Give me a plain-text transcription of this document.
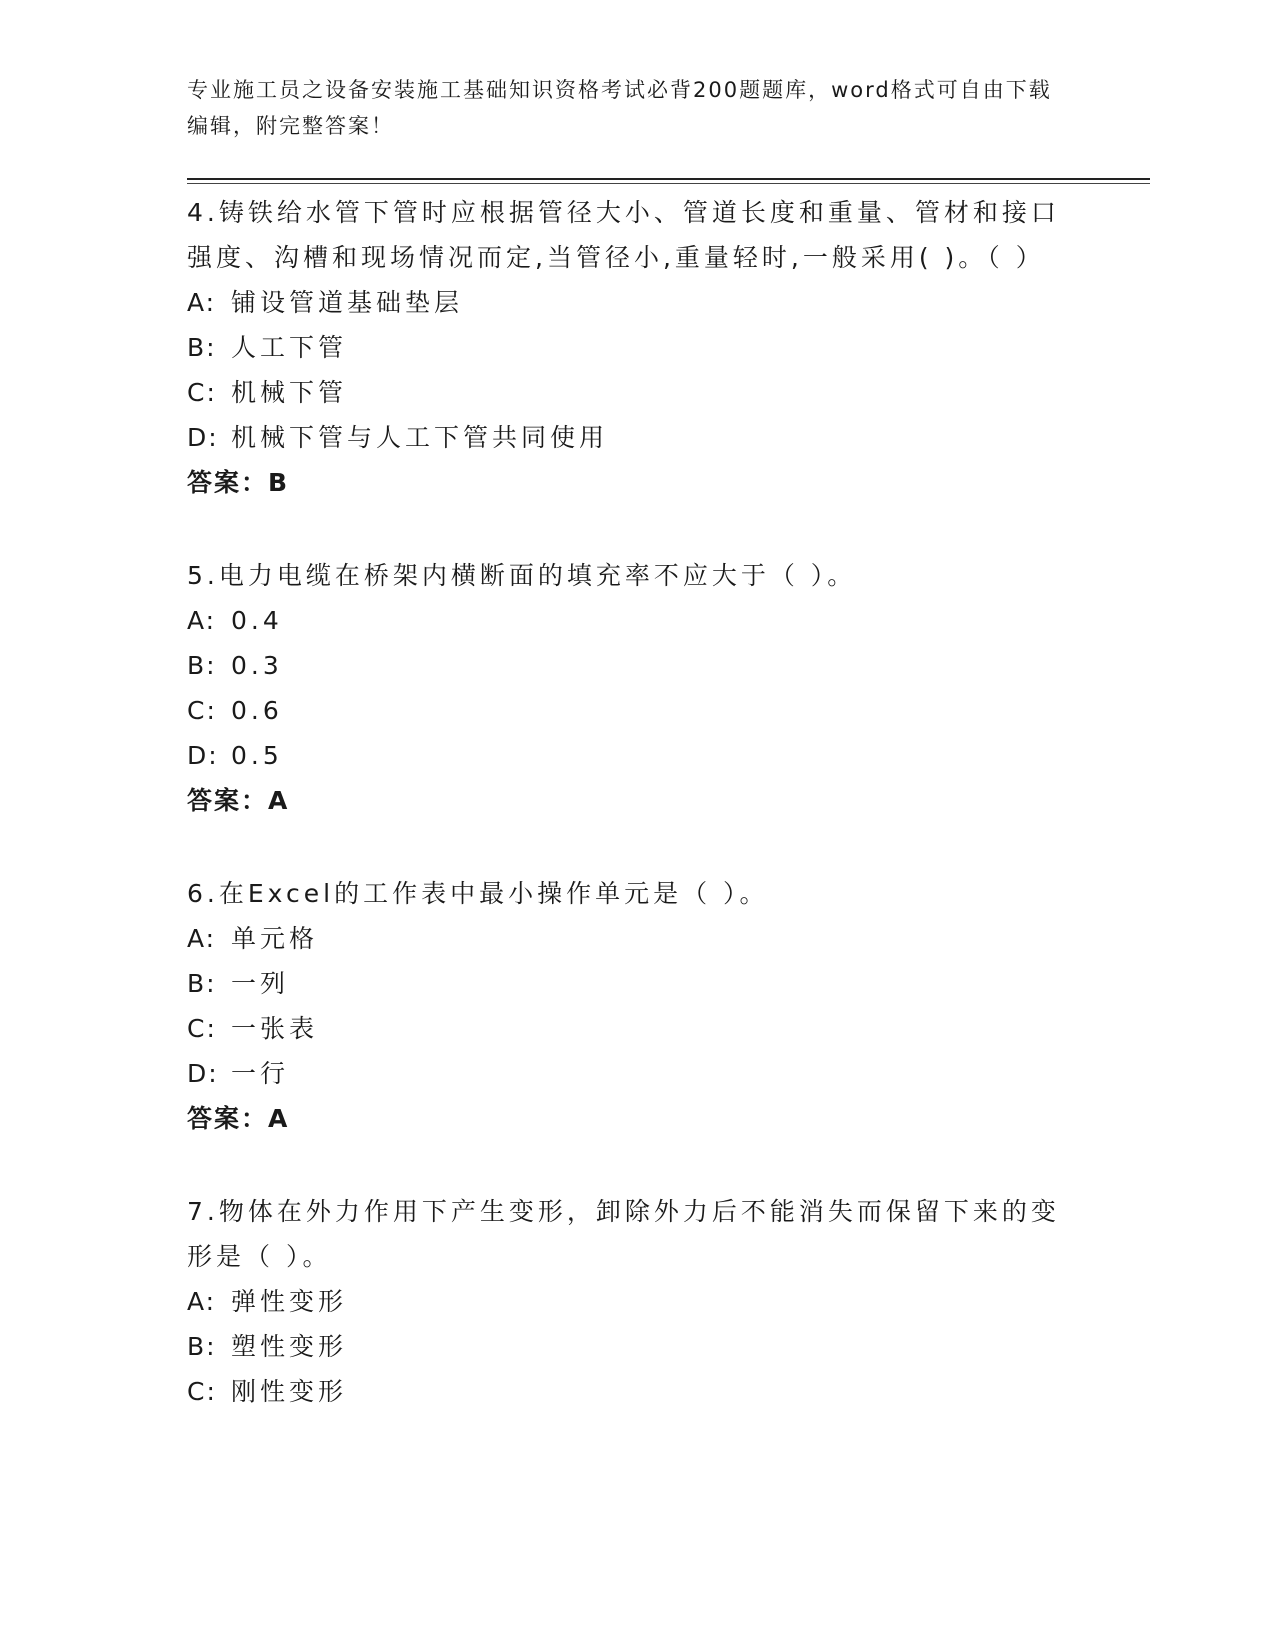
专业施工员之设备安装施工基础知识资格考试必背200题题库，word格式可自由下载编辑，附完整答案！

4.铸铁给水管下管时应根据管径大小、管道长度和重量、管材和接口强度、沟槽和现场情况而定,当管径小,重量轻时,一般采用( )。（ ）

A: 铺设管道基础垫层

B: 人工下管

C: 机械下管

D: 机械下管与人工下管共同使用

答案：B

5.电力电缆在桥架内横断面的填充率不应大于（ ）。

A: 0.4

B: 0.3

C: 0.6

D: 0.5

答案：A

6.在Excel的工作表中最小操作单元是（ ）。

A: 单元格

B: 一列

C: 一张表

D: 一行

答案：A

7.物体在外力作用下产生变形，卸除外力后不能消失而保留下来的变形是（ ）。

A: 弹性变形

B: 塑性变形

C: 刚性变形
